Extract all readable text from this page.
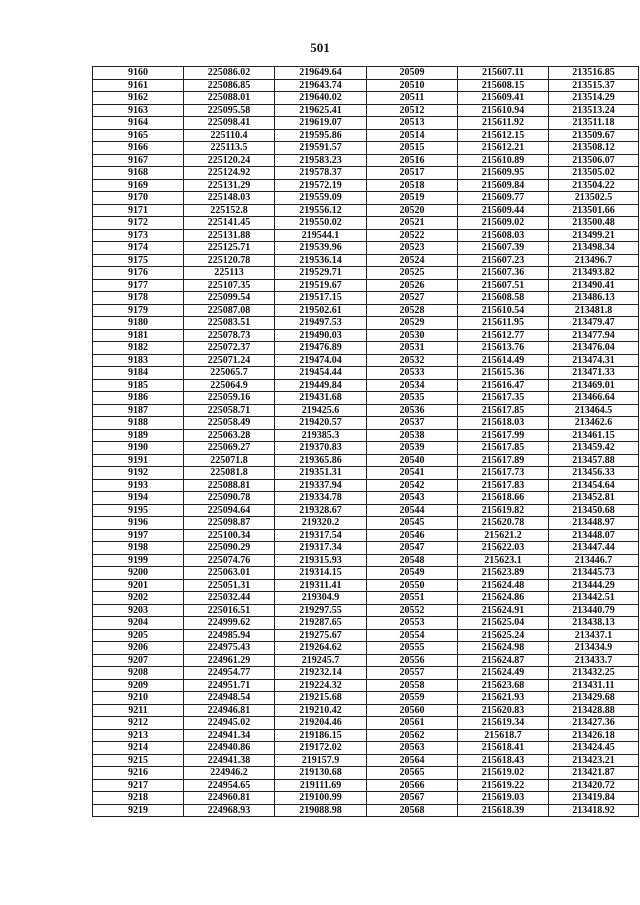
501
9160	225086.02	219649.64	20509	215607.11	213516.85
9161	225086.85	219643.74	20510	215608.15	213515.37
9162	225088.01	219640.02	20511	215609.41	213514.29
9163	225095.58	219625.41	20512	215610.94	213513.24
9164	225098.41	219619.07	20513	215611.92	213511.18
9165	225110.4	219595.86	20514	215612.15	213509.67
9166	225113.5	219591.57	20515	215612.21	213508.12
9167	225120.24	219583.23	20516	215610.89	213506.07
9168	225124.92	219578.37	20517	215609.95	213505.02
9169	225131.29	219572.19	20518	215609.84	213504.22
9170	225148.03	219559.09	20519	215609.77	213502.5
9171	225152.8	219556.12	20520	215609.44	213501.66
9172	225141.45	219550.02	20521	215609.02	213500.48
9173	225131.88	219544.1	20522	215608.03	213499.21
9174	225125.71	219539.96	20523	215607.39	213498.34
9175	225120.78	219536.14	20524	215607.23	213496.7
9176	225113	219529.71	20525	215607.36	213493.82
9177	225107.35	219519.67	20526	215607.51	213490.41
9178	225099.54	219517.15	20527	215608.58	213486.13
9179	225087.08	219502.61	20528	215610.54	213481.8
9180	225083.51	219497.53	20529	215611.95	213479.47
9181	225078.73	219490.03	20530	215612.77	213477.94
9182	225072.37	219476.89	20531	215613.76	213476.04
9183	225071.24	219474.04	20532	215614.49	213474.31
9184	225065.7	219454.44	20533	215615.36	213471.33
9185	225064.9	219449.84	20534	215616.47	213469.01
9186	225059.16	219431.68	20535	215617.35	213466.64
9187	225058.71	219425.6	20536	215617.85	213464.5
9188	225058.49	219420.57	20537	215618.03	213462.6
9189	225063.28	219385.3	20538	215617.99	213461.15
9190	225069.27	219370.83	20539	215617.85	213459.42
9191	225071.8	219365.86	20540	215617.89	213457.88
9192	225081.8	219351.31	20541	215617.73	213456.33
9193	225088.81	219337.94	20542	215617.83	213454.64
9194	225090.78	219334.78	20543	215618.66	213452.81
9195	225094.64	219328.67	20544	215619.82	213450.68
9196	225098.87	219320.2	20545	215620.78	213448.97
9197	225100.34	219317.54	20546	215621.2	213448.07
9198	225090.29	219317.34	20547	215622.03	213447.44
9199	225074.76	219315.93	20548	215623.1	213446.7
9200	225063.01	219314.15	20549	215623.89	213445.73
9201	225051.31	219311.41	20550	215624.48	213444.29
9202	225032.44	219304.9	20551	215624.86	213442.51
9203	225016.51	219297.55	20552	215624.91	213440.79
9204	224999.62	219287.65	20553	215625.04	213438.13
9205	224985.94	219275.67	20554	215625.24	213437.1
9206	224975.43	219264.62	20555	215624.98	213434.9
9207	224961.29	219245.7	20556	215624.87	213433.7
9208	224954.77	219232.14	20557	215624.49	213432.25
9209	224951.71	219224.32	20558	215623.68	213431.11
9210	224948.54	219215.68	20559	215621.93	213429.68
9211	224946.81	219210.42	20560	215620.83	213428.88
9212	224945.02	219204.46	20561	215619.34	213427.36
9213	224941.34	219186.15	20562	215618.7	213426.18
9214	224940.86	219172.02	20563	215618.41	213424.45
9215	224941.38	219157.9	20564	215618.43	213423.21
9216	224946.2	219130.68	20565	215619.02	213421.87
9217	224954.65	219111.69	20566	215619.22	213420.72
9218	224960.81	219100.99	20567	215619.03	213419.84
9219	224968.93	219088.98	20568	215618.39	213418.92
